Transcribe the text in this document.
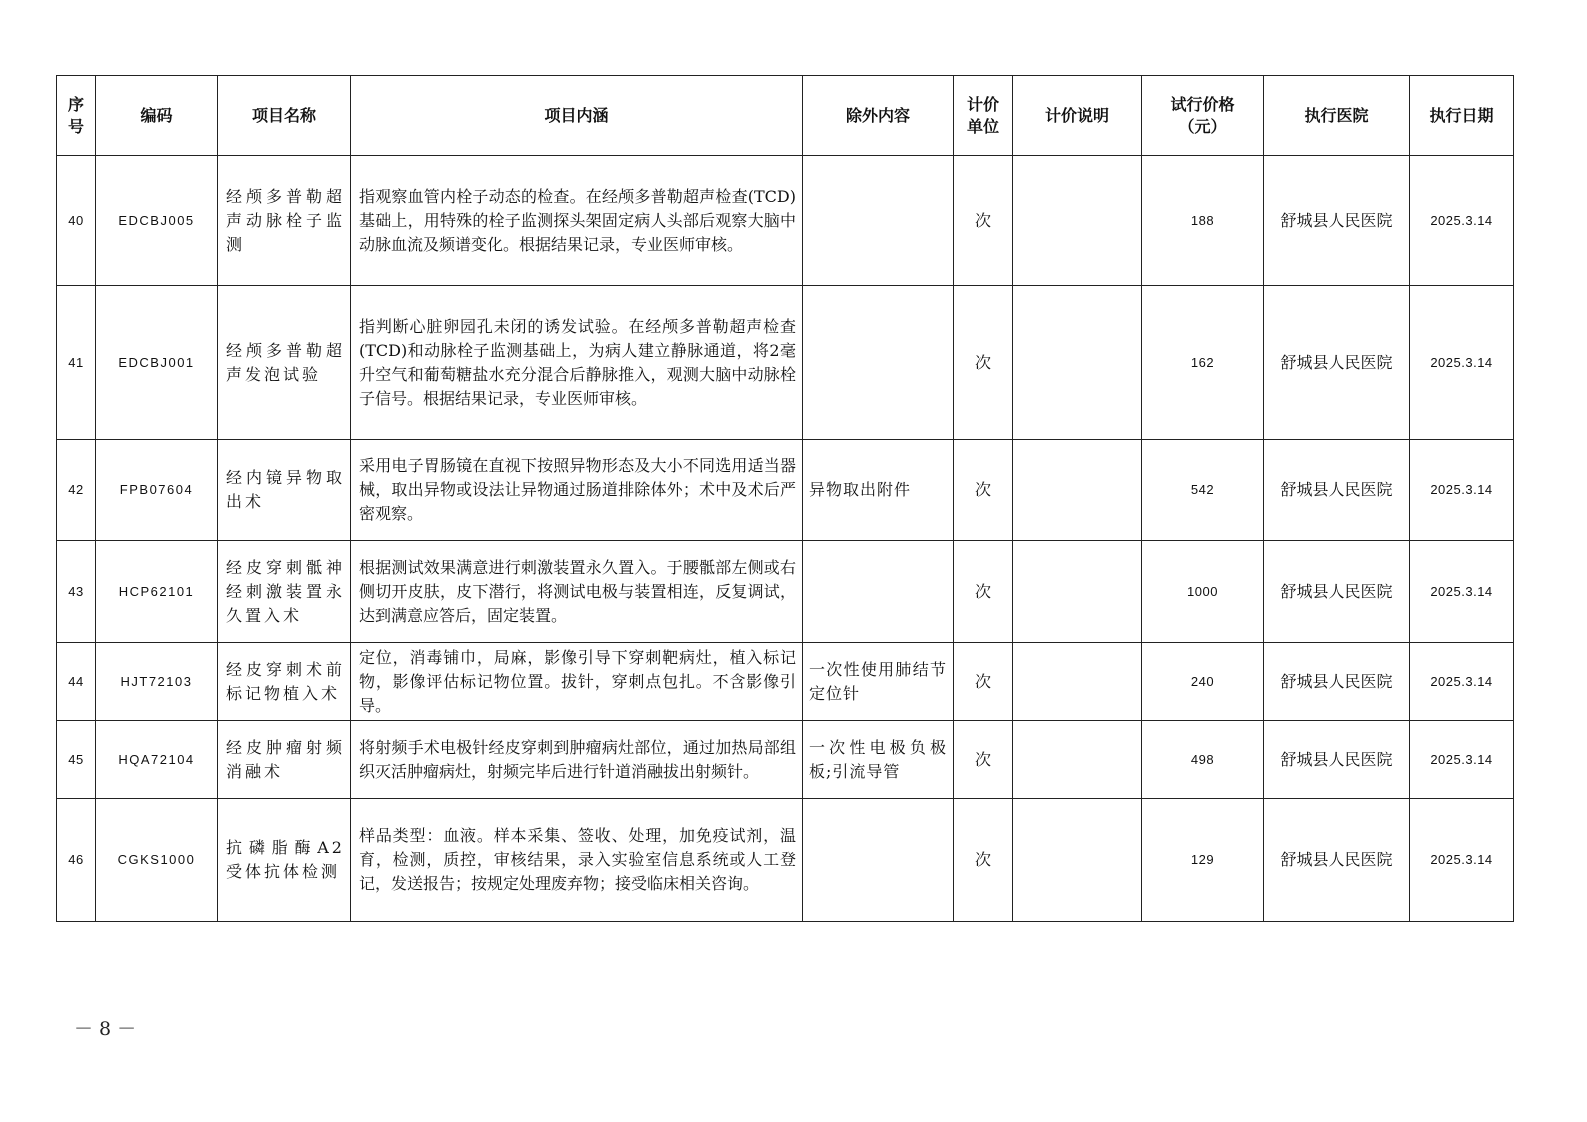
序号	编码	项目名称	项目内涵	除外内容	计价单位	计价说明	试行价格（元）	执行医院	执行日期
40	EDCBJ005	经颅多普勒超声动脉栓子监测	指观察血管内栓子动态的检查。在经颅多普勒超声检查(TCD)基础上，用特殊的栓子监测探头架固定病人头部后观察大脑中动脉血流及频谱变化。根据结果记录，专业医师审核。		次		188	舒城县人民医院	2025.3.14
41	EDCBJ001	经颅多普勒超声发泡试验	指判断心脏卵园孔未闭的诱发试验。在经颅多普勒超声检查(TCD)和动脉栓子监测基础上，为病人建立静脉通道，将2毫升空气和葡萄糖盐水充分混合后静脉推入，观测大脑中动脉栓子信号。根据结果记录，专业医师审核。		次		162	舒城县人民医院	2025.3.14
42	FPB07604	经内镜异物取出术	采用电子胃肠镜在直视下按照异物形态及大小不同选用适当器械，取出异物或设法让异物通过肠道排除体外；术中及术后严密观察。	异物取出附件	次		542	舒城县人民医院	2025.3.14
43	HCP62101	经皮穿刺骶神经刺激装置永久置入术	根据测试效果满意进行刺激装置永久置入。于腰骶部左侧或右侧切开皮肤，皮下潜行，将测试电极与装置相连，反复调试，达到满意应答后，固定装置。		次		1000	舒城县人民医院	2025.3.14
44	HJT72103	经皮穿刺术前标记物植入术	定位，消毒铺巾，局麻，影像引导下穿刺靶病灶，植入标记物，影像评估标记物位置。拔针，穿刺点包扎。不含影像引导。	一次性使用肺结节定位针	次		240	舒城县人民医院	2025.3.14
45	HQA72104	经皮肿瘤射频消融术	将射频手术电极针经皮穿刺到肿瘤病灶部位，通过加热局部组织灭活肿瘤病灶，射频完毕后进行针道消融拔出射频针。	一次性电极负极板;引流导管	次		498	舒城县人民医院	2025.3.14
46	CGKS1000	抗磷脂酶A2受体抗体检测	样品类型：血液。样本采集、签收、处理，加免疫试剂，温育，检测，质控，审核结果，录入实验室信息系统或人工登记，发送报告；按规定处理废弃物；接受临床相关咨询。		次		129	舒城县人民医院	2025.3.14
－ 8 －
